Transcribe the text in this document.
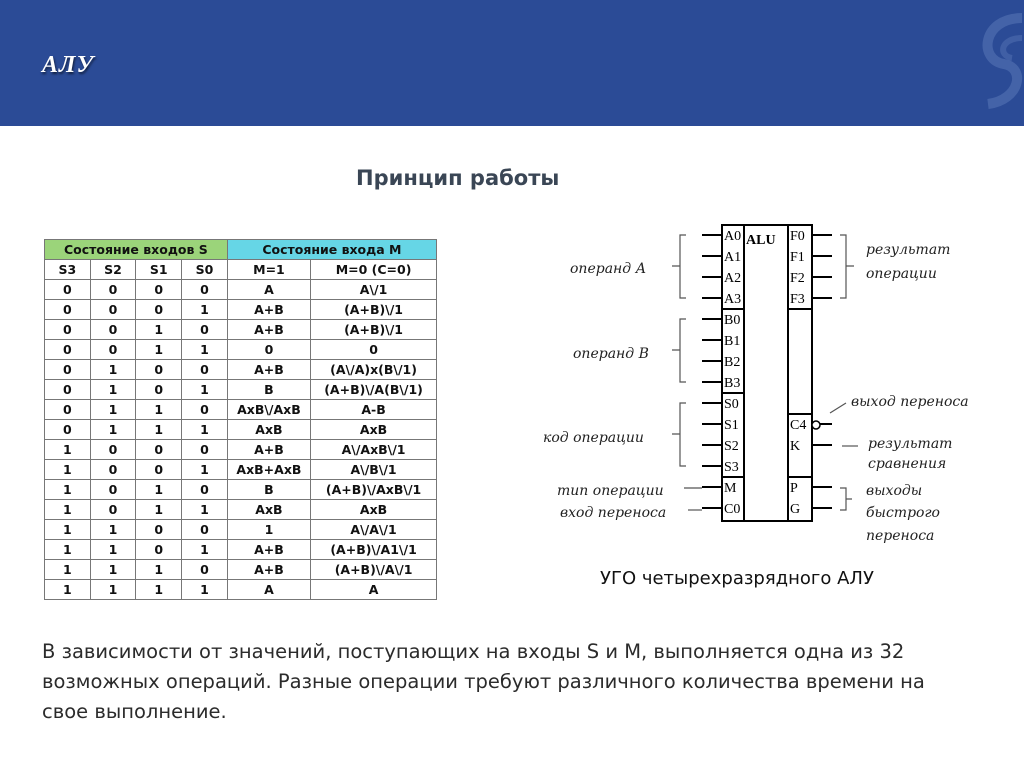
АЛУ
Принцип работы
Состояние входов S				Состояние входа M	
S3	S2	S1	S0	M=1	M=0 (C=0)
0	0	0	0	A	A\/1
0	0	0	1	A+B	(A+B)\/1
0	0	1	0	A+B	(A+B)\/1
0	0	1	1	0	0
0	1	0	0	A+B	(A\/A)x(B\/1)
0	1	0	1	B	(A+B)\/A(B\/1)
0	1	1	0	AxB\/AxB	A-B
0	1	1	1	AxB	AxB
1	0	0	0	A+B	A\/AxB\/1
1	0	0	1	AxB+AxB	A\/B\/1
1	0	1	0	B	(A+B)\/AxB\/1
1	0	1	1	AxB	AxB
1	1	0	0	1	A\/A\/1
1	1	0	1	A+B	(A+B)\/A1\/1
1	1	1	0	A+B	(A+B)\/A\/1
1	1	1	1	A	A
ALU
A0
A1
A2
A3
B0
B1
B2
B3
S0
S1
S2
S3
M
C0
F0
F1
F2
F3
C4
K
P
G
операнд А
операнд В
код операции
тип операции
вход переноса
результат
операции
выход переноса
результат
сравнения
выходы
быстрого
переноса
УГО четырехразрядного АЛУ
В зависимости от значений, поступающих на входы S и M, выполняется одна из 32 возможных операций. Разные операции требуют различного количества времени на свое выполнение.
